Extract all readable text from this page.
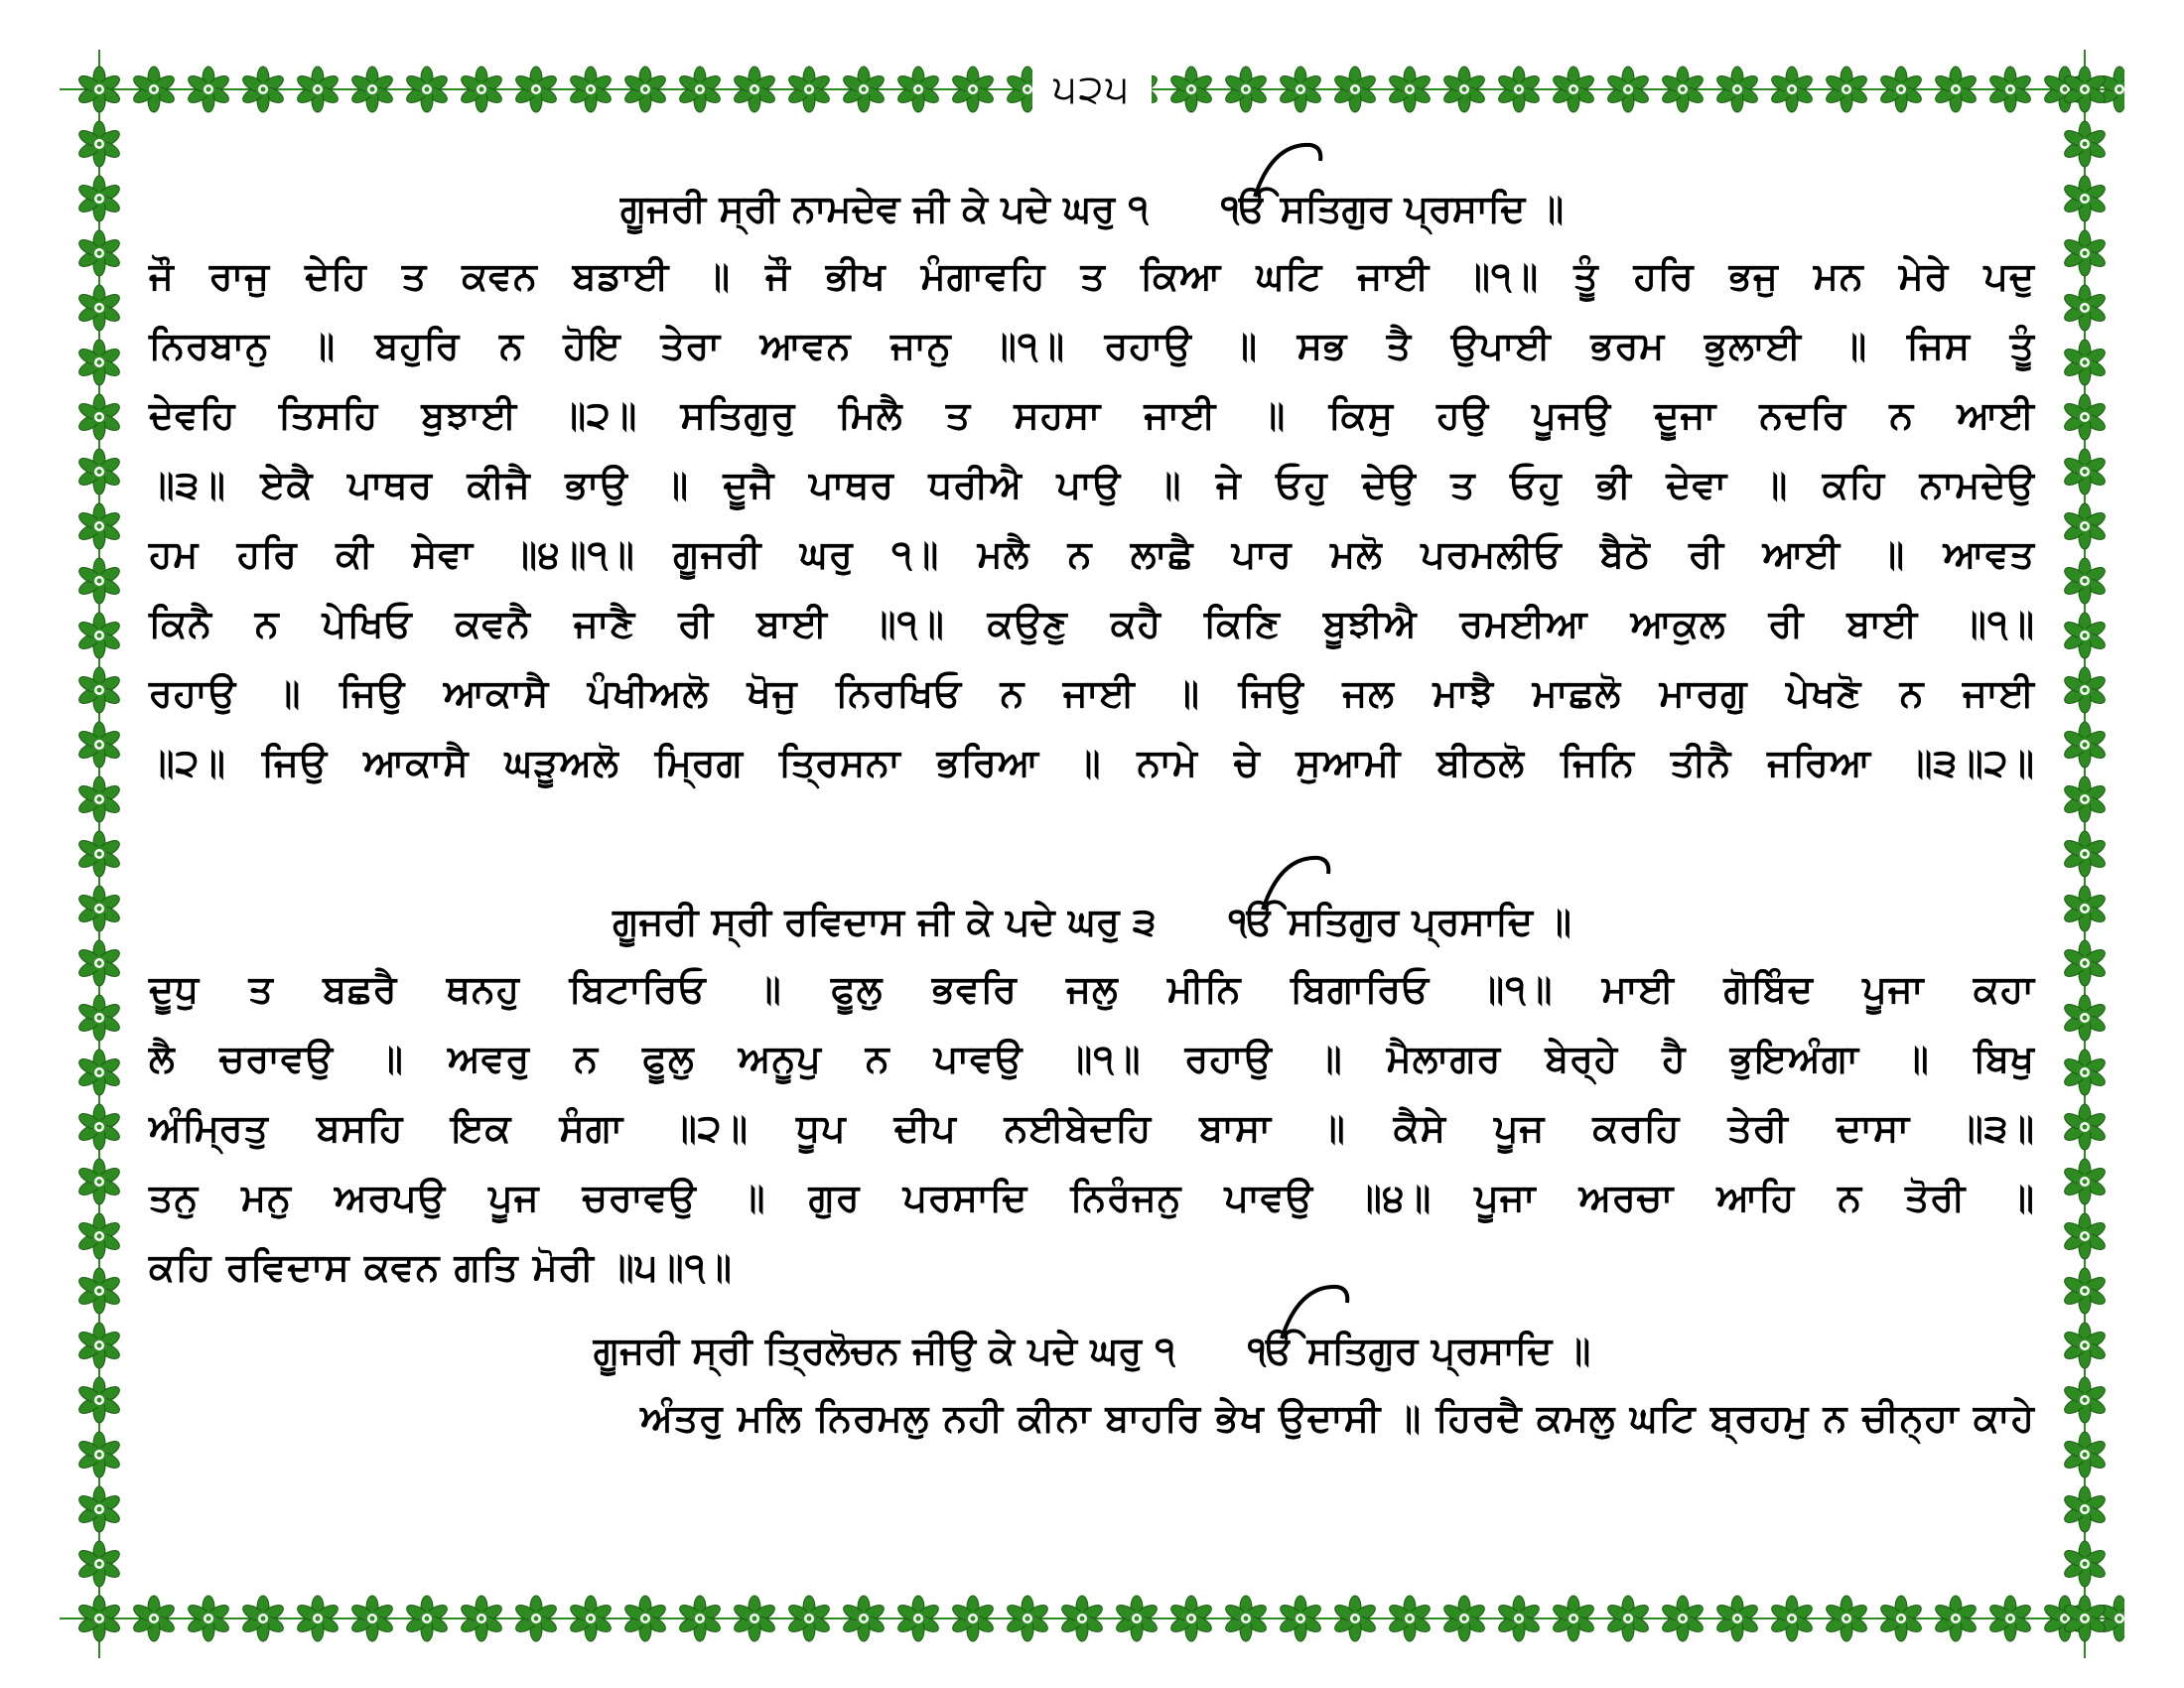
੫੨੫
ਗੂਜਰੀ ਸ੍ਰੀ ਨਾਮਦੇਵ ਜੀ ਕੇ ਪਦੇ ਘਰੁ ੧ ੴ ਸਤਿਗੁਰ ਪ੍ਰਸਾਦਿ ॥
ਜੌ ਰਾਜੁ ਦੇਹਿ ਤ ਕਵਨ ਬਡਾਈ ॥ ਜੌ ਭੀਖ ਮੰਗਾਵਹਿ ਤ ਕਿਆ ਘਟਿ ਜਾਈ ॥੧॥ ਤੂੰ ਹਰਿ ਭਜੁ ਮਨ ਮੇਰੇ ਪਦੁ
ਨਿਰਬਾਨੁ ॥ ਬਹੁਰਿ ਨ ਹੋਇ ਤੇਰਾ ਆਵਨ ਜਾਨੁ ॥੧॥ ਰਹਾਉ ॥ ਸਭ ਤੈ ਉਪਾਈ ਭਰਮ ਭੁਲਾਈ ॥ ਜਿਸ ਤੂੰ
ਦੇਵਹਿ ਤਿਸਹਿ ਬੁਝਾਈ ॥੨॥ ਸਤਿਗੁਰੁ ਮਿਲੈ ਤ ਸਹਸਾ ਜਾਈ ॥ ਕਿਸੁ ਹਉ ਪੂਜਉ ਦੂਜਾ ਨਦਰਿ ਨ ਆਈ
॥੩॥ ਏਕੈ ਪਾਥਰ ਕੀਜੈ ਭਾਉ ॥ ਦੂਜੈ ਪਾਥਰ ਧਰੀਐ ਪਾਉ ॥ ਜੇ ਓਹੁ ਦੇਉ ਤ ਓਹੁ ਭੀ ਦੇਵਾ ॥ ਕਹਿ ਨਾਮਦੇਉ
ਹਮ ਹਰਿ ਕੀ ਸੇਵਾ ॥੪॥੧॥ ਗੂਜਰੀ ਘਰੁ ੧॥ ਮਲੈ ਨ ਲਾਛੈ ਪਾਰ ਮਲੋ ਪਰਮਲੀਓ ਬੈਠੋ ਰੀ ਆਈ ॥ ਆਵਤ
ਕਿਨੈ ਨ ਪੇਖਿਓ ਕਵਨੈ ਜਾਣੈ ਰੀ ਬਾਈ ॥੧॥ ਕਉਣੁ ਕਹੈ ਕਿਣਿ ਬੂਝੀਐ ਰਮਈਆ ਆਕੁਲ ਰੀ ਬਾਈ ॥੧॥
ਰਹਾਉ ॥ ਜਿਉ ਆਕਾਸੈ ਪੰਖੀਅਲੋ ਖੋਜੁ ਨਿਰਖਿਓ ਨ ਜਾਈ ॥ ਜਿਉ ਜਲ ਮਾਝੈ ਮਾਛਲੋ ਮਾਰਗੁ ਪੇਖਣੋ ਨ ਜਾਈ
॥੨॥ ਜਿਉ ਆਕਾਸੈ ਘੜੂਅਲੋ ਮ੍ਰਿਗ ਤ੍ਰਿਸਨਾ ਭਰਿਆ ॥ ਨਾਮੇ ਚੇ ਸੁਆਮੀ ਬੀਠਲੋ ਜਿਨਿ ਤੀਨੈ ਜਰਿਆ ॥੩॥੨॥
ਗੂਜਰੀ ਸ੍ਰੀ ਰਵਿਦਾਸ ਜੀ ਕੇ ਪਦੇ ਘਰੁ ੩ ੴ ਸਤਿਗੁਰ ਪ੍ਰਸਾਦਿ ॥
ਦੂਧੁ ਤ ਬਛਰੈ ਥਨਹੁ ਬਿਟਾਰਿਓ ॥ ਫੂਲੁ ਭਵਰਿ ਜਲੁ ਮੀਨਿ ਬਿਗਾਰਿਓ ॥੧॥ ਮਾਈ ਗੋਬਿੰਦ ਪੂਜਾ ਕਹਾ
ਲੈ ਚਰਾਵਉ ॥ ਅਵਰੁ ਨ ਫੂਲੁ ਅਨੂਪੁ ਨ ਪਾਵਉ ॥੧॥ ਰਹਾਉ ॥ ਮੈਲਾਗਰ ਬੇਰ੍ਹੇ ਹੈ ਭੁਇਅੰਗਾ ॥ ਬਿਖੁ
ਅੰਮ੍ਰਿਤੁ ਬਸਹਿ ਇਕ ਸੰਗਾ ॥੨॥ ਧੂਪ ਦੀਪ ਨਈਬੇਦਹਿ ਬਾਸਾ ॥ ਕੈਸੇ ਪੂਜ ਕਰਹਿ ਤੇਰੀ ਦਾਸਾ ॥੩॥
ਤਨੁ ਮਨੁ ਅਰਪਉ ਪੂਜ ਚਰਾਵਉ ॥ ਗੁਰ ਪਰਸਾਦਿ ਨਿਰੰਜਨੁ ਪਾਵਉ ॥੪॥ ਪੂਜਾ ਅਰਚਾ ਆਹਿ ਨ ਤੋਰੀ ॥
ਕਹਿ ਰਵਿਦਾਸ ਕਵਨ ਗਤਿ ਮੋਰੀ ॥੫॥੧॥
ਗੂਜਰੀ ਸ੍ਰੀ ਤ੍ਰਿਲੋਚਨ ਜੀਉ ਕੇ ਪਦੇ ਘਰੁ ੧ ੴ ਸਤਿਗੁਰ ਪ੍ਰਸਾਦਿ ॥
ਅੰਤਰੁ ਮਲਿ ਨਿਰਮਲੁ ਨਹੀ ਕੀਨਾ ਬਾਹਰਿ ਭੇਖ ਉਦਾਸੀ ॥ ਹਿਰਦੈ ਕਮਲੁ ਘਟਿ ਬ੍ਰਹਮੁ ਨ ਚੀਨ੍ਹਾ ਕਾਹੇ
